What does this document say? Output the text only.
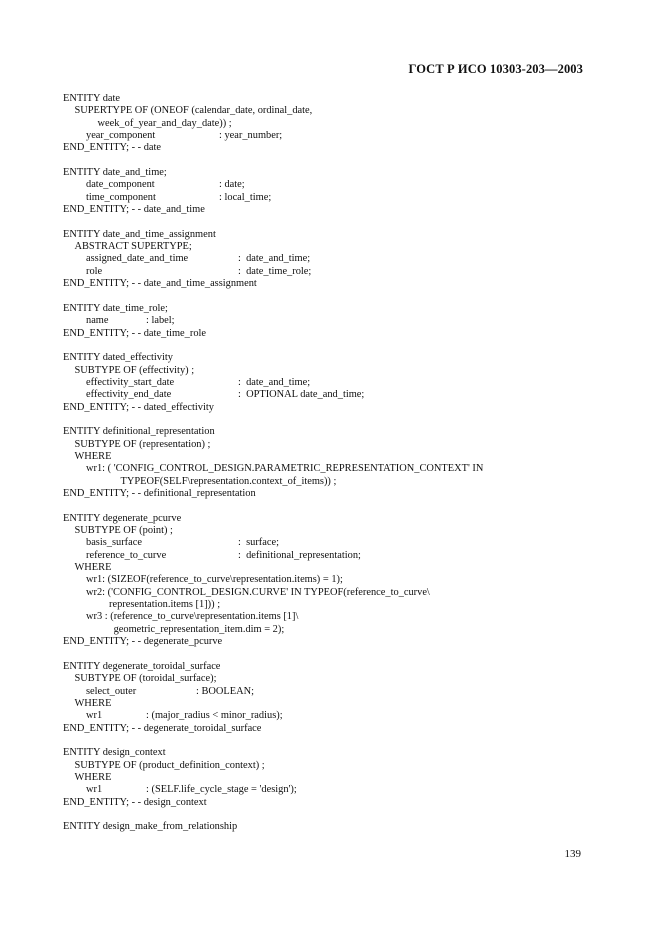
ГОСТ Р ИСО 10303-203—2003
ENTITY date
SUPERTYPE OF (ONEOF (calendar_date, ordinal_date,
week_of_year_and_day_date)) ;
year_component	: year_number;
END_ENTITY; - - date
ENTITY date_and_time;
date_component	: date;
time_component	: local_time;
END_ENTITY; - - date_and_time
ENTITY date_and_time_assignment
ABSTRACT SUPERTYPE;
assigned_date_and_time	:  date_and_time;
role	:  date_time_role;
END_ENTITY; - - date_and_time_assignment
ENTITY date_time_role;
name	: label;
END_ENTITY; - - date_time_role
ENTITY dated_effectivity
SUBTYPE OF (effectivity) ;
effectivity_start_date	:  date_and_time;
effectivity_end_date	:  OPTIONAL date_and_time;
END_ENTITY; - - dated_effectivity
ENTITY definitional_representation
SUBTYPE OF (representation) ;
WHERE
wr1: ( 'CONFIG_CONTROL_DESIGN.PARAMETRIC_REPRESENTATION_CONTEXT' IN
TYPEOF(SELF\representation.context_of_items)) ;
END_ENTITY; - - definitional_representation
ENTITY degenerate_pcurve
SUBTYPE OF (point) ;
basis_surface	:  surface;
reference_to_curve	:  definitional_representation;
WHERE
wr1: (SIZEOF(reference_to_curve\representation.items) = 1);
wr2: ('CONFIG_CONTROL_DESIGN.CURVE' IN TYPEOF(reference_to_curve\
representation.items [1])) ;
wr3 : (reference_to_curve\representation.items [1]\
geometric_representation_item.dim = 2);
END_ENTITY; - - degenerate_pcurve
ENTITY degenerate_toroidal_surface
SUBTYPE OF (toroidal_surface);
select_outer	: BOOLEAN;
WHERE
wr1	: (major_radius < minor_radius);
END_ENTITY; - - degenerate_toroidal_surface
ENTITY design_context
SUBTYPE OF (product_definition_context) ;
WHERE
wr1	: (SELF.life_cycle_stage = 'design');
END_ENTITY; - - design_context
ENTITY design_make_from_relationship
139
